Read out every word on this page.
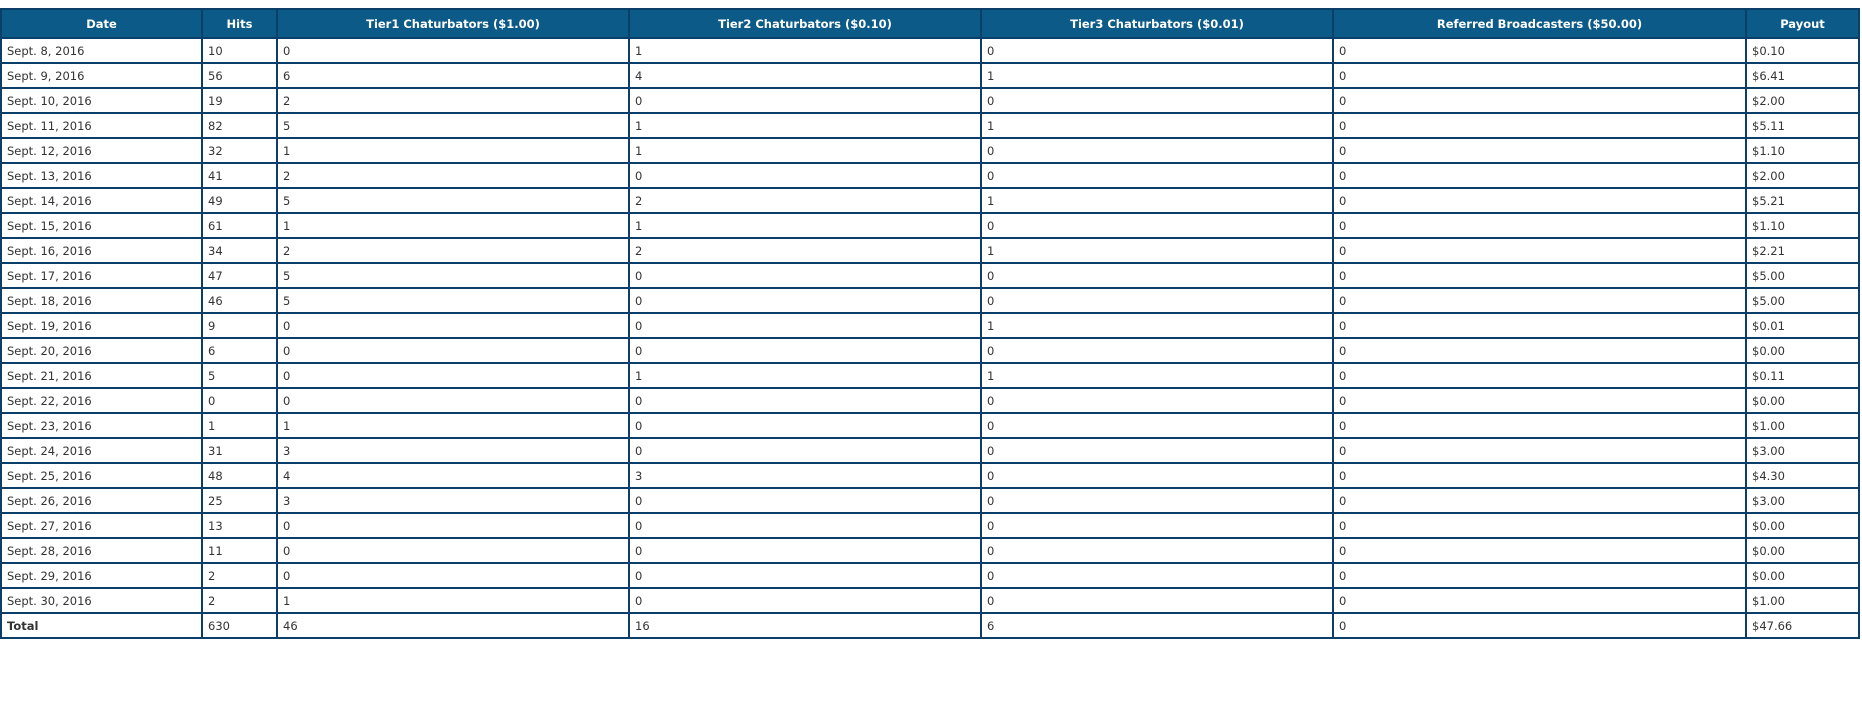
Date	Hits	Tier1 Chaturbators ($1.00)	Tier2 Chaturbators ($0.10)	Tier3 Chaturbators ($0.01)	Referred Broadcasters ($50.00)	Payout
Sept. 8, 2016	10	0	1	0	0	$0.10
Sept. 9, 2016	56	6	4	1	0	$6.41
Sept. 10, 2016	19	2	0	0	0	$2.00
Sept. 11, 2016	82	5	1	1	0	$5.11
Sept. 12, 2016	32	1	1	0	0	$1.10
Sept. 13, 2016	41	2	0	0	0	$2.00
Sept. 14, 2016	49	5	2	1	0	$5.21
Sept. 15, 2016	61	1	1	0	0	$1.10
Sept. 16, 2016	34	2	2	1	0	$2.21
Sept. 17, 2016	47	5	0	0	0	$5.00
Sept. 18, 2016	46	5	0	0	0	$5.00
Sept. 19, 2016	9	0	0	1	0	$0.01
Sept. 20, 2016	6	0	0	0	0	$0.00
Sept. 21, 2016	5	0	1	1	0	$0.11
Sept. 22, 2016	0	0	0	0	0	$0.00
Sept. 23, 2016	1	1	0	0	0	$1.00
Sept. 24, 2016	31	3	0	0	0	$3.00
Sept. 25, 2016	48	4	3	0	0	$4.30
Sept. 26, 2016	25	3	0	0	0	$3.00
Sept. 27, 2016	13	0	0	0	0	$0.00
Sept. 28, 2016	11	0	0	0	0	$0.00
Sept. 29, 2016	2	0	0	0	0	$0.00
Sept. 30, 2016	2	1	0	0	0	$1.00
Total	630	46	16	6	0	$47.66
